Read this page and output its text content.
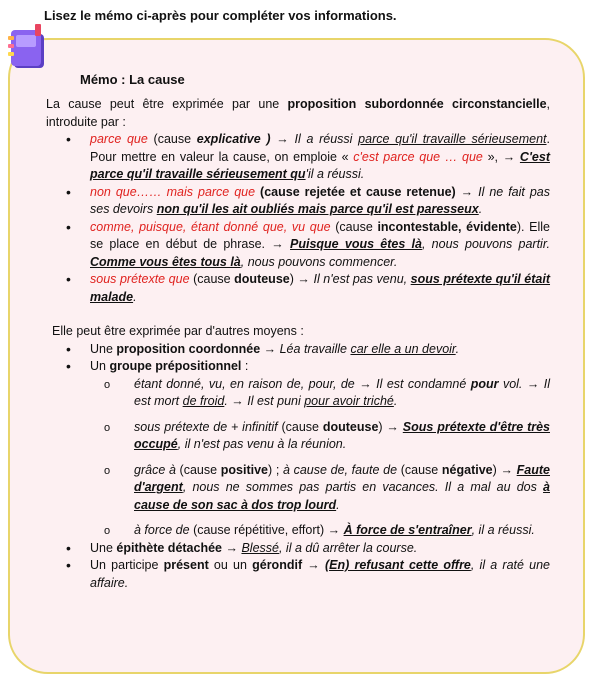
Lisez le mémo ci-après pour compléter vos informations.
Mémo : La cause

La cause peut être exprimée par une proposition subordonnée circonstancielle, introduite par :

• parce que (cause explicative ) → Il a réussi parce qu'il travaille sérieusement. Pour mettre en valeur la cause, on emploie « c'est parce que … que », → C'est parce qu'il travaille sérieusement qu'il a réussi.
• non que…… mais parce que (cause rejetée et cause retenue) → Il ne fait pas ses devoirs non qu'il les ait oubliés mais parce qu'il est paresseux.
• comme, puisque, étant donné que, vu que (cause incontestable, évidente). Elle se place en début de phrase. → Puisque vous êtes là, nous pouvons partir. Comme vous êtes tous là, nous pouvons commencer.
• sous prétexte que (cause douteuse) → Il n'est pas venu, sous prétexte qu'il était malade.

Elle peut être exprimée par d'autres moyens :

• Une proposition coordonnée → Léa travaille car elle a un devoir.
• Un groupe prépositionnel :
o étant donné, vu, en raison de, pour, de → Il est condamné pour vol. → Il est mort de froid. → Il est puni pour avoir triché.
o sous prétexte de + infinitif (cause douteuse) → Sous prétexte d'être très occupé, il n'est pas venu à la réunion.
o grâce à (cause positive) ; à cause de, faute de (cause négative) → Faute d'argent, nous ne sommes pas partis en vacances. Il a mal au dos à cause de son sac à dos trop lourd.
o à force de (cause répétitive, effort) → À force de s'entraîner, il a réussi.
• Une épithète détachée → Blessé, il a dû arrêter la course.
• Un participe présent ou un gérondif → (En) refusant cette offre, il a raté une affaire.
